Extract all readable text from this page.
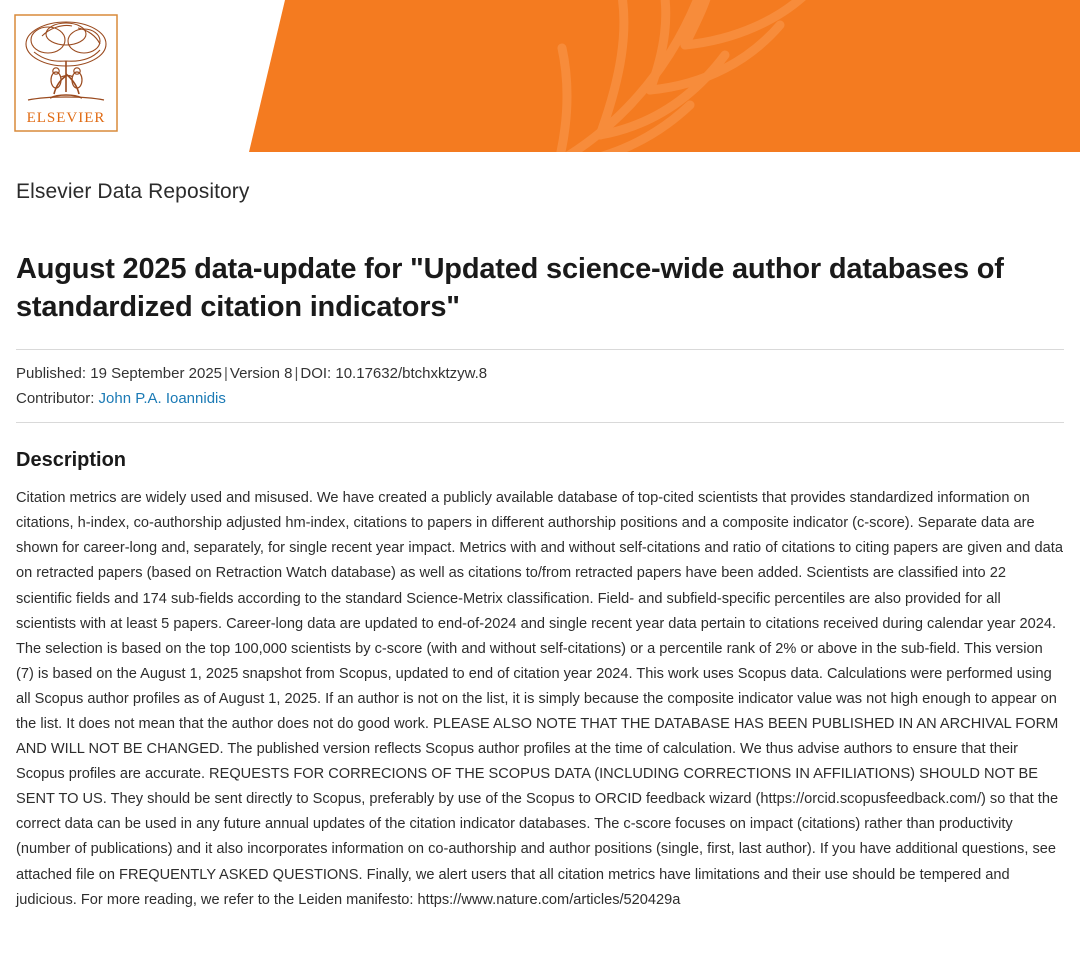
ELSEVIER
Elsevier Data Repository
August 2025 data-update for "Updated science-wide author databases of standardized citation indicators"
Published: 19 September 2025 | Version 8 | DOI: 10.17632/btchxktzyw.8
Contributor: John P.A. Ioannidis
Description

Citation metrics are widely used and misused. We have created a publicly available database of top-cited scientists that provides standardized information on citations, h-index, co-authorship adjusted hm-index, citations to papers in different authorship positions and a composite indicator (c-score). Separate data are shown for career-long and, separately, for single recent year impact. Metrics with and without self-citations and ratio of citations to citing papers are given and data on retracted papers (based on Retraction Watch database) as well as citations to/from retracted papers have been added. Scientists are classified into 22 scientific fields and 174 sub-fields according to the standard Science-Metrix classification. Field- and subfield-specific percentiles are also provided for all scientists with at least 5 papers. Career-long data are updated to end-of-2024 and single recent year data pertain to citations received during calendar year 2024. The selection is based on the top 100,000 scientists by c-score (with and without self-citations) or a percentile rank of 2% or above in the sub-field. This version (7) is based on the August 1, 2025 snapshot from Scopus, updated to end of citation year 2024. This work uses Scopus data. Calculations were performed using all Scopus author profiles as of August 1, 2025. If an author is not on the list, it is simply because the composite indicator value was not high enough to appear on the list. It does not mean that the author does not do good work. PLEASE ALSO NOTE THAT THE DATABASE HAS BEEN PUBLISHED IN AN ARCHIVAL FORM AND WILL NOT BE CHANGED. The published version reflects Scopus author profiles at the time of calculation. We thus advise authors to ensure that their Scopus profiles are accurate. REQUESTS FOR CORRECIONS OF THE SCOPUS DATA (INCLUDING CORRECTIONS IN AFFILIATIONS) SHOULD NOT BE SENT TO US. They should be sent directly to Scopus, preferably by use of the Scopus to ORCID feedback wizard (https://orcid.scopusfeedback.com/) so that the correct data can be used in any future annual updates of the citation indicator databases. The c-score focuses on impact (citations) rather than productivity (number of publications) and it also incorporates information on co-authorship and author positions (single, first, last author). If you have additional questions, see attached file on FREQUENTLY ASKED QUESTIONS. Finally, we alert users that all citation metrics have limitations and their use should be tempered and judicious. For more reading, we refer to the Leiden manifesto: https://www.nature.com/articles/520429a
